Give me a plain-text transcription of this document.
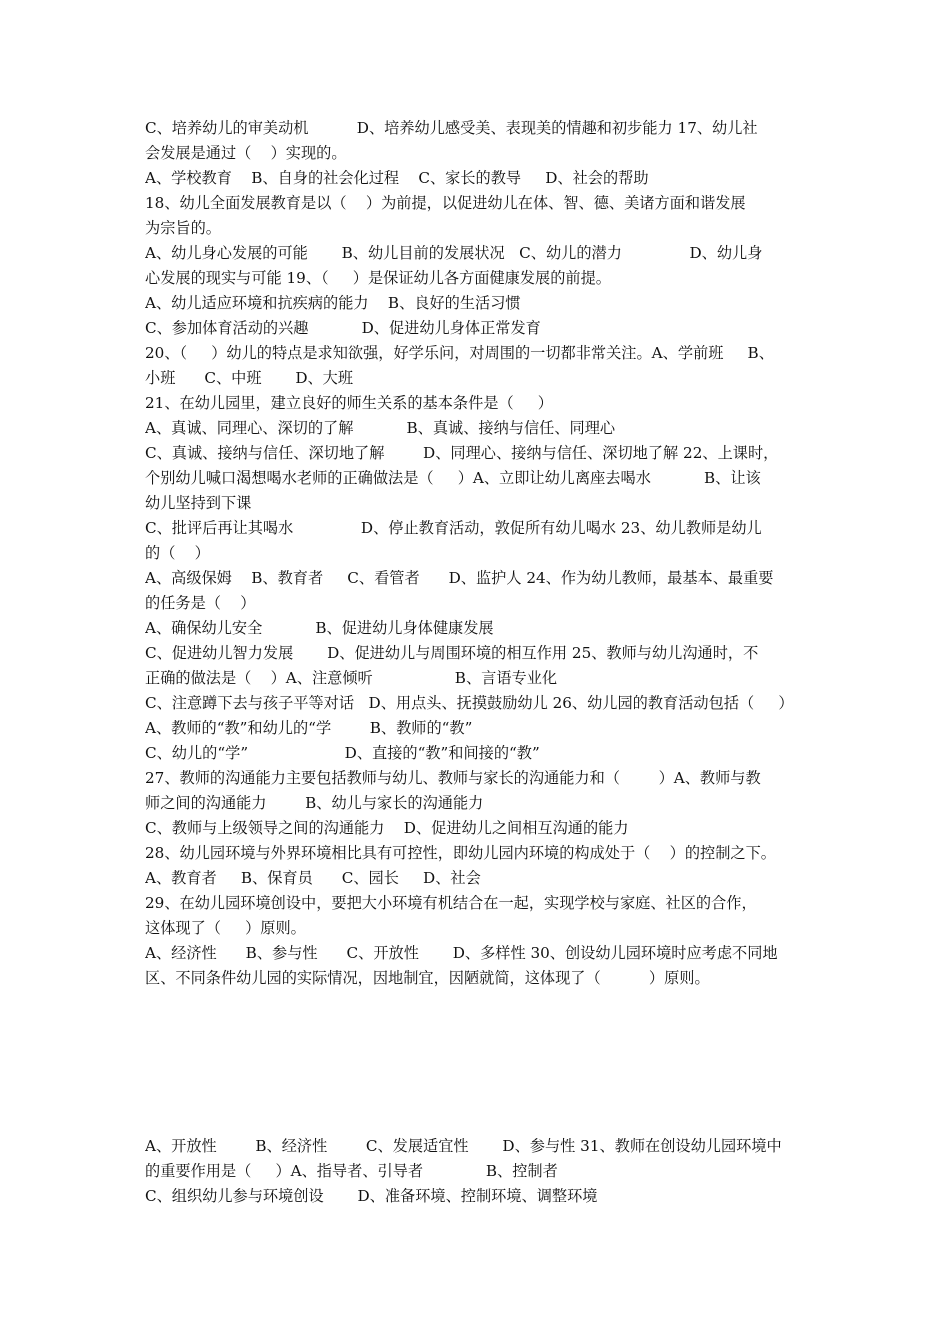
C、培养幼儿的审美动机          D、培养幼儿感受美、表现美的情趣和初步能力 17、幼儿社
会发展是通过（    ）实现的。
A、学校教育    B、自身的社会化过程    C、家长的教导     D、社会的帮助
18、幼儿全面发展教育是以（    ）为前提，以促进幼儿在体、智、德、美诸方面和谐发展
为宗旨的。
A、幼儿身心发展的可能       B、幼儿目前的发展状况   C、幼儿的潜力              D、幼儿身
心发展的现实与可能 19、（     ）是保证幼儿各方面健康发展的前提。
A、幼儿适应环境和抗疾病的能力    B、良好的生活习惯
C、参加体育活动的兴趣           D、促进幼儿身体正常发育
20、（     ）幼儿的特点是求知欲强，好学乐问，对周围的一切都非常关注。A、学前班     B、
小班      C、中班       D、大班
21、在幼儿园里，建立良好的师生关系的基本条件是（     ）
A、真诚、同理心、深切的了解           B、真诚、接纳与信任、同理心
C、真诚、接纳与信任、深切地了解        D、同理心、接纳与信任、深切地了解 22、上课时，
个别幼儿喊口渴想喝水老师的正确做法是（     ）A、立即让幼儿离座去喝水           B、让该
幼儿坚持到下课
C、批评后再让其喝水              D、停止教育活动，敦促所有幼儿喝水 23、幼儿教师是幼儿
的（    ）
A、高级保姆    B、教育者     C、看管者      D、监护人 24、作为幼儿教师，最基本、最重要
的任务是（    ）
A、确保幼儿安全           B、促进幼儿身体健康发展
C、促进幼儿智力发展       D、促进幼儿与周围环境的相互作用 25、教师与幼儿沟通时，不
正确的做法是（    ）A、注意倾听                 B、言语专业化
C、注意蹲下去与孩子平等对话   D、用点头、抚摸鼓励幼儿 26、幼儿园的教育活动包括（     ）
A、教师的“教”和幼儿的“学        B、教师的“教”
C、幼儿的“学”                    D、直接的“教”和间接的“教”
27、教师的沟通能力主要包括教师与幼儿、教师与家长的沟通能力和（        ）A、教师与教
师之间的沟通能力        B、幼儿与家长的沟通能力
C、教师与上级领导之间的沟通能力    D、促进幼儿之间相互沟通的能力
28、幼儿园环境与外界环境相比具有可控性，即幼儿园内环境的构成处于（    ）的控制之下。
A、教育者     B、保育员      C、园长     D、社会
29、在幼儿园环境创设中，要把大小环境有机结合在一起，实现学校与家庭、社区的合作，
这体现了（     ）原则。
A、经济性      B、参与性      C、开放性       D、多样性 30、创设幼儿园环境时应考虑不同地
区、不同条件幼儿园的实际情况，因地制宜，因陋就简，这体现了（          ）原则。
A、开放性        B、经济性        C、发展适宜性       D、参与性 31、教师在创设幼儿园环境中
的重要作用是（     ）A、指导者、引导者             B、控制者
C、组织幼儿参与环境创设       D、准备环境、控制环境、调整环境
